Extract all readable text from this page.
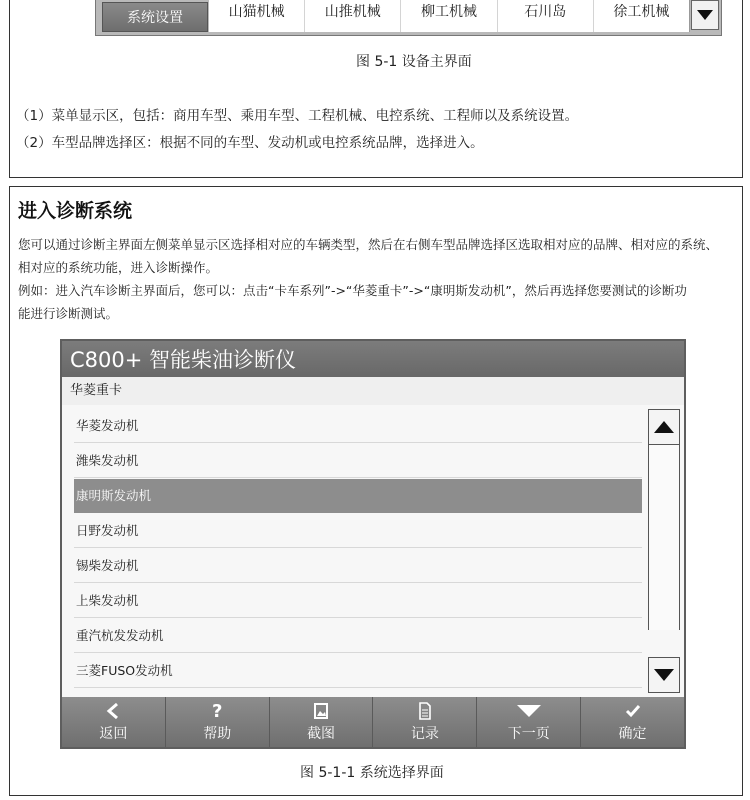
系统设置	山猫机械	山推机械	柳工机械	石川岛	徐工机械
图 5-1 设备主界面
（1）菜单显示区，包括：商用车型、乘用车型、工程机械、电控系统、工程师以及系统设置。
（2）车型品牌选择区：根据不同的车型、发动机或电控系统品牌，选择进入。
进入诊断系统
您可以通过诊断主界面左侧菜单显示区选择相对应的车辆类型，然后在右侧车型品牌选择区选取相对应的品牌、相对应的系统、
相对应的系统功能，进入诊断操作。
例如：进入汽车诊断主界面后，您可以：点击“卡车系列”->“华菱重卡”->“康明斯发动机”，然后再选择您要测试的诊断功
能进行诊断测试。
C800+ 智能柴油诊断仪
华菱重卡
华菱发动机
潍柴发动机
康明斯发动机
日野发动机
锡柴发动机
上柴发动机
重汽杭发发动机
三菱FUSO发动机
返回
?
帮助	截图	记录	下一页	确定
图 5-1-1 系统选择界面
